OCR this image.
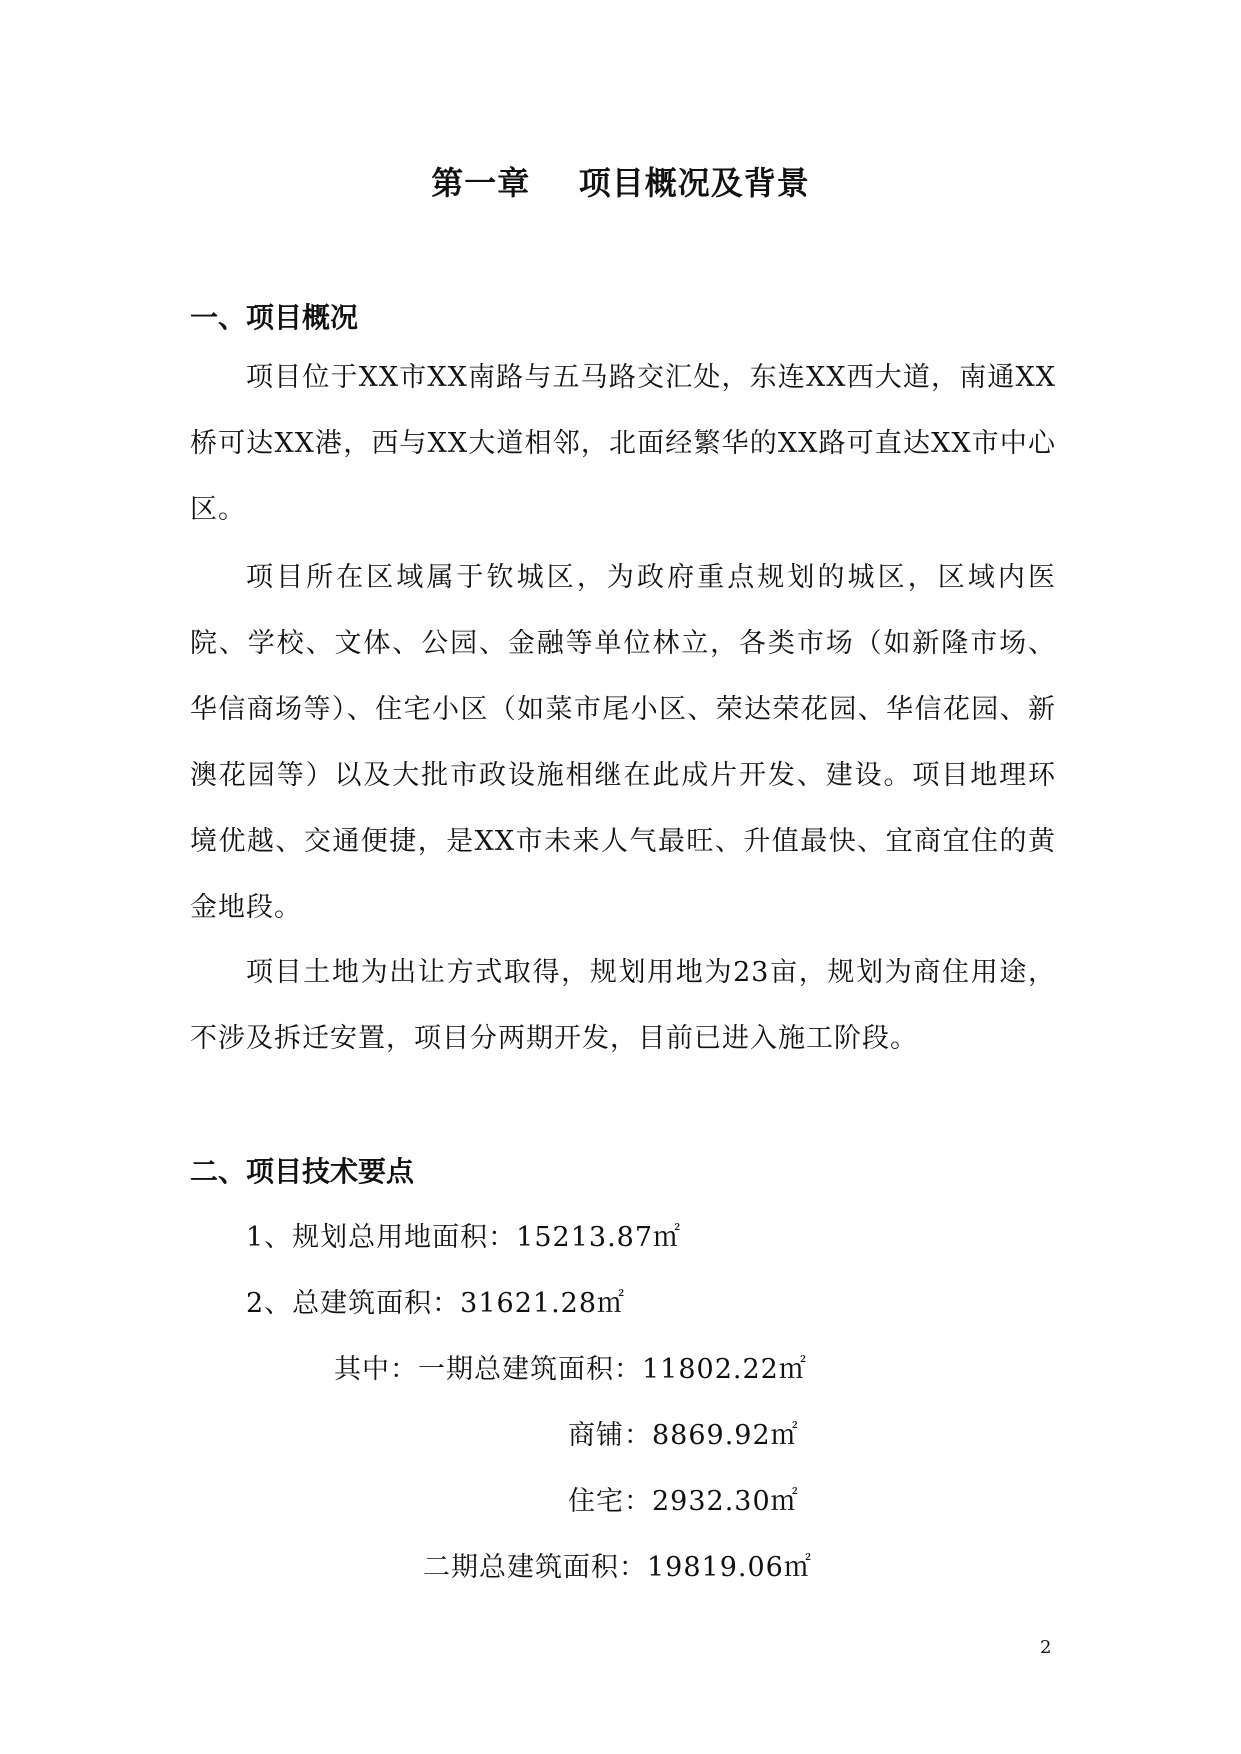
第一章    项目概况及背景
一、项目概况

项目位于XX市XX南路与五马路交汇处，东连XX西大道，南通XX桥可达XX港，西与XX大道相邻，北面经繁华的XX路可直达XX市中心区。

项目所在区域属于钦城区，为政府重点规划的城区，区域内医院、学校、文体、公园、金融等单位林立，各类市场（如新隆市场、华信商场等）、住宅小区（如菜市尾小区、荣达荣花园、华信花园、新澳花园等）以及大批市政设施相继在此成片开发、建设。项目地理环境优越、交通便捷，是XX市未来人气最旺、升值最快、宜商宜住的黄金地段。

项目土地为出让方式取得，规划用地为23亩，规划为商住用途，不涉及拆迁安置，项目分两期开发，目前已进入施工阶段。

二、项目技术要点
1、规划总用地面积：15213.87㎡
2、总建筑面积：31621.28㎡
其中：一期总建筑面积：11802.22㎡
商铺：8869.92㎡
住宅：2932.30㎡
二期总建筑面积：19819.06㎡
2
